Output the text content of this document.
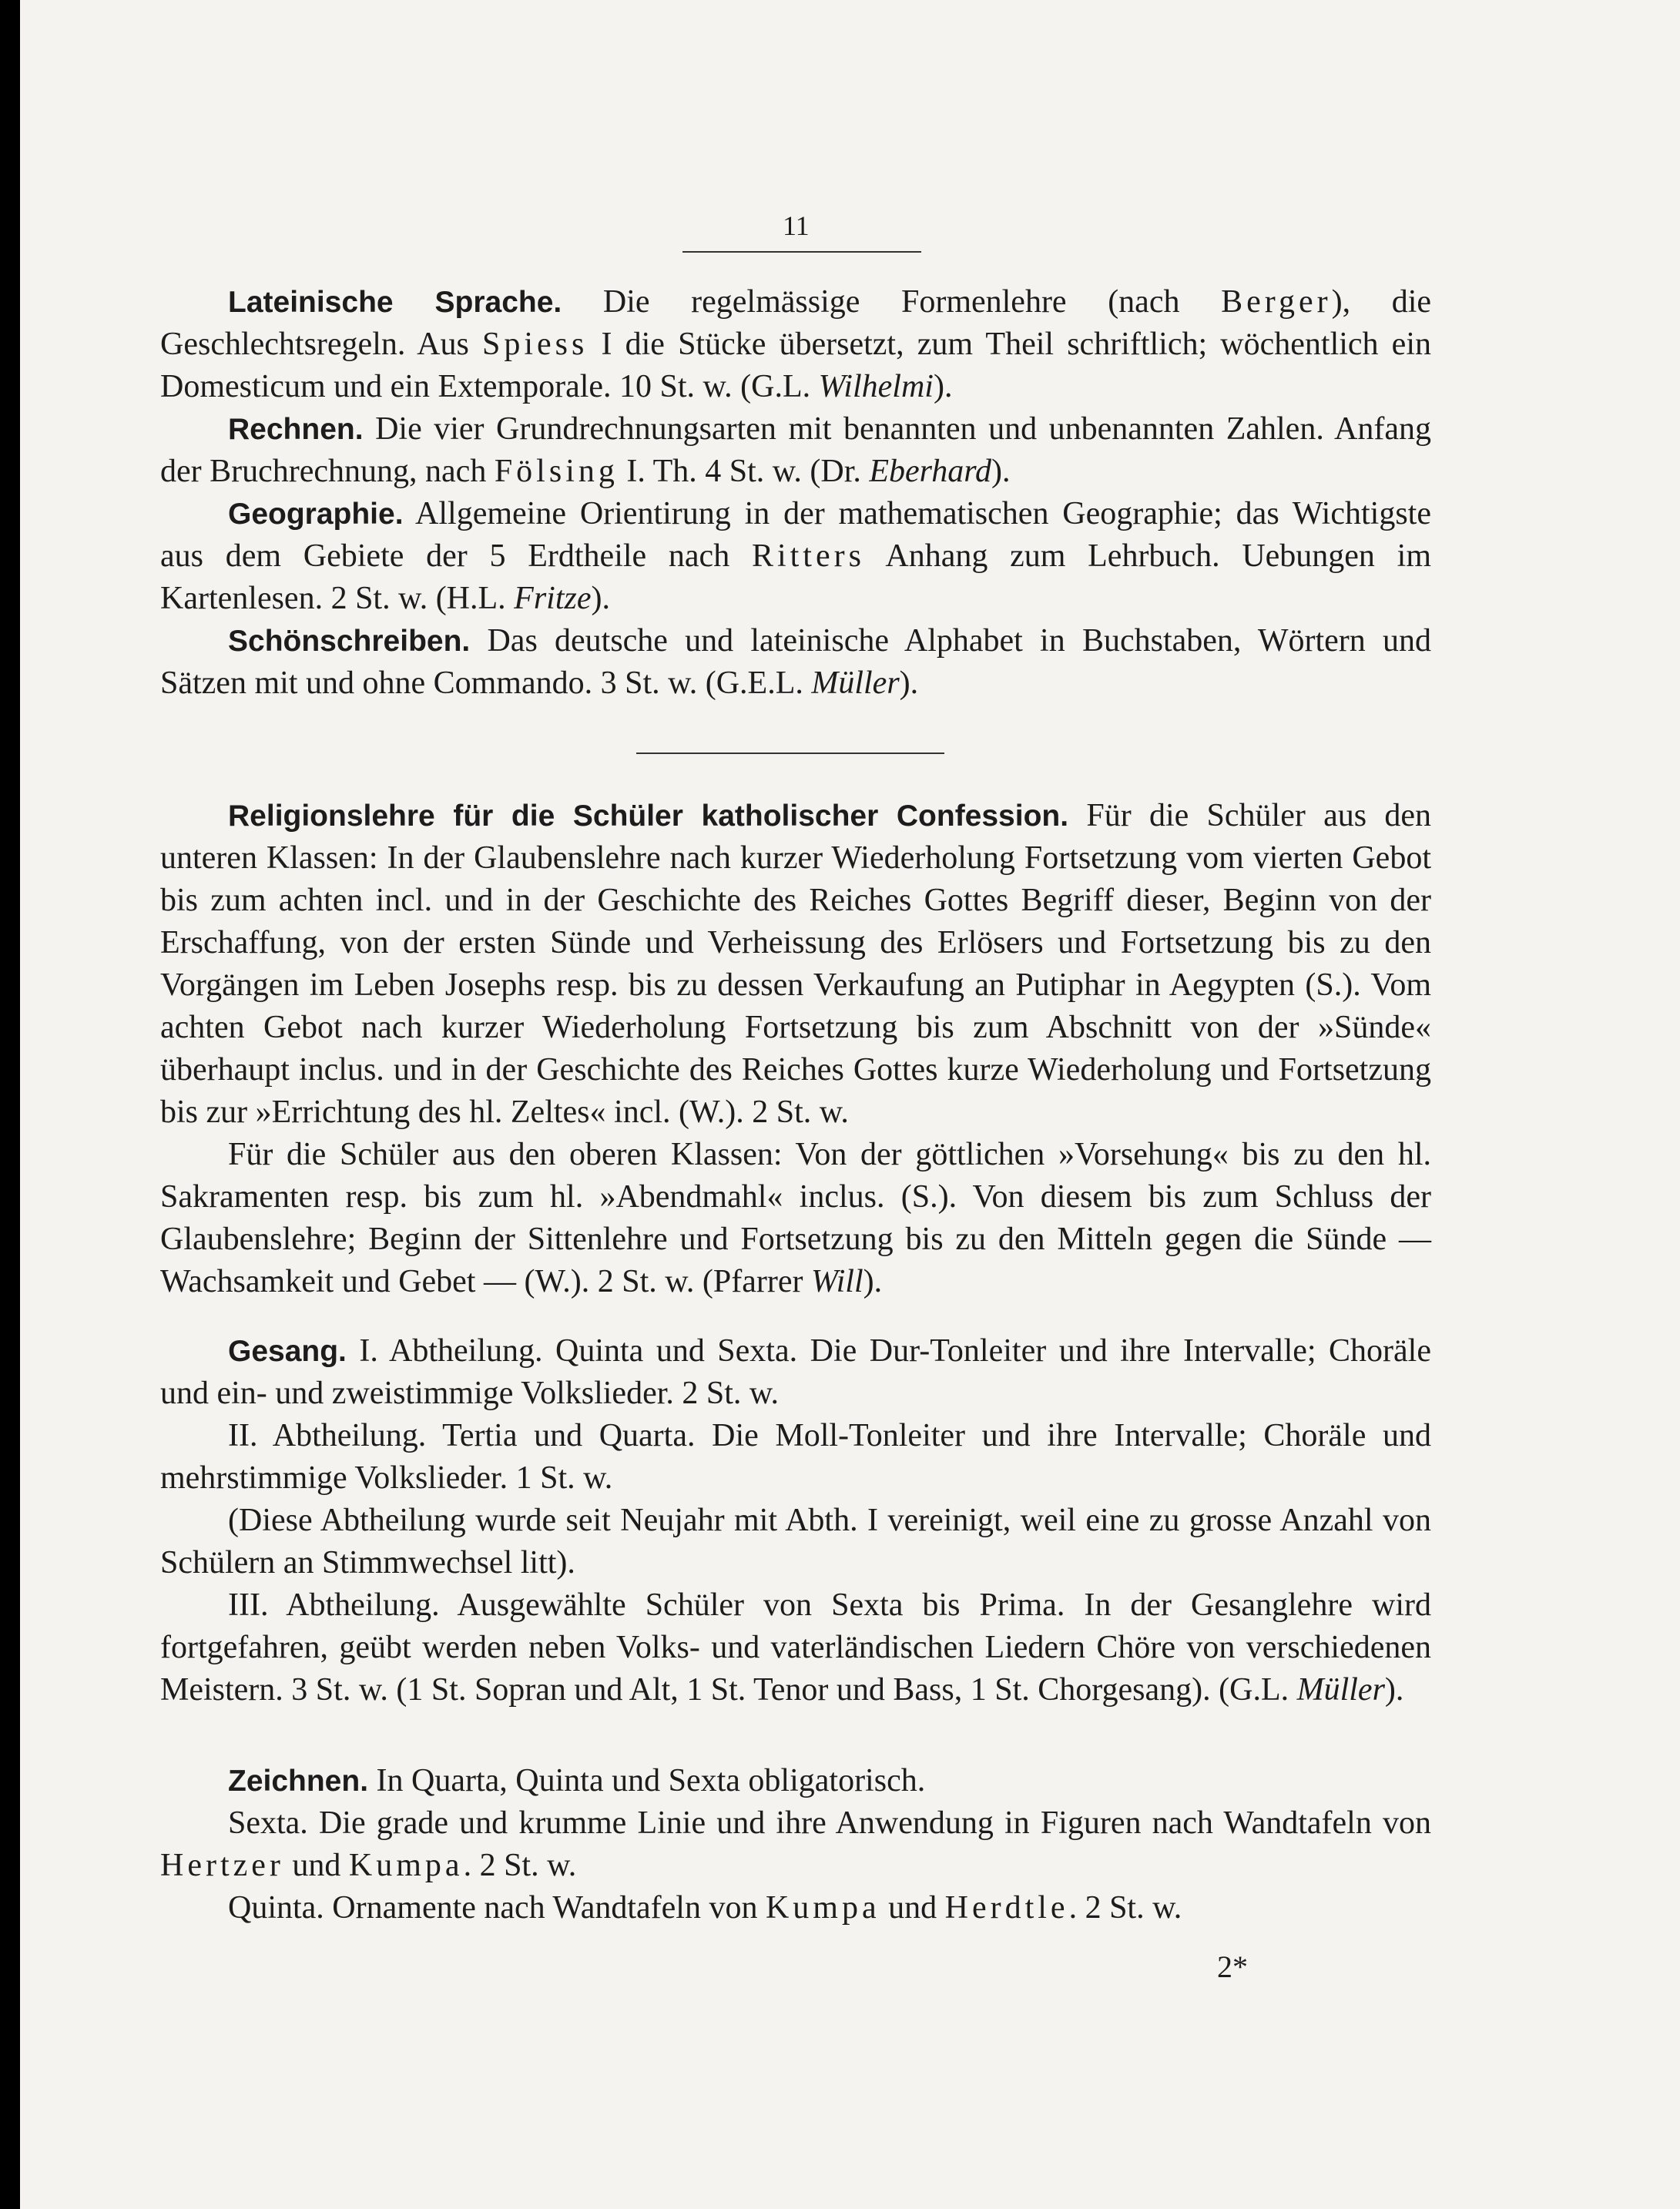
11

Lateinische Sprache. Die regelmässige Formenlehre (nach Berger), die Geschlechtsregeln. Aus Spiess I die Stücke übersetzt, zum Theil schriftlich; wöchentlich ein Domesticum und ein Extemporale. 10 St. w. (G.L. Wilhelmi).

Rechnen. Die vier Grundrechnungsarten mit benannten und unbenannten Zahlen. Anfang der Bruchrechnung, nach Fölsing I. Th. 4 St. w. (Dr. Eberhard).

Geographie. Allgemeine Orientirung in der mathematischen Geographie; das Wichtigste aus dem Gebiete der 5 Erdtheile nach Ritters Anhang zum Lehrbuch. Uebungen im Kartenlesen. 2 St. w. (H.L. Fritze).

Schönschreiben. Das deutsche und lateinische Alphabet in Buchstaben, Wörtern und Sätzen mit und ohne Commando. 3 St. w. (G.E.L. Müller).

Religionslehre für die Schüler katholischer Confession. Für die Schüler aus den unteren Klassen: In der Glaubenslehre nach kurzer Wiederholung Fortsetzung vom vierten Gebot bis zum achten incl. und in der Geschichte des Reiches Gottes Begriff dieser, Beginn von der Erschaffung, von der ersten Sünde und Verheissung des Erlösers und Fortsetzung bis zu den Vorgängen im Leben Josephs resp. bis zu dessen Verkaufung an Putiphar in Aegypten (S.). Vom achten Gebot nach kurzer Wiederholung Fortsetzung bis zum Abschnitt von der »Sünde« überhaupt inclus. und in der Geschichte des Reiches Gottes kurze Wiederholung und Fortsetzung bis zur »Errichtung des hl. Zeltes« incl. (W.). 2 St. w.

Für die Schüler aus den oberen Klassen: Von der göttlichen »Vorsehung« bis zu den hl. Sakramenten resp. bis zum hl. »Abendmahl« inclus. (S.). Von diesem bis zum Schluss der Glaubenslehre; Beginn der Sittenlehre und Fortsetzung bis zu den Mitteln gegen die Sünde — Wachsamkeit und Gebet — (W.). 2 St. w. (Pfarrer Will).

Gesang. I. Abtheilung. Quinta und Sexta. Die Dur-Tonleiter und ihre Intervalle; Choräle und ein- und zweistimmige Volkslieder. 2 St. w.

II. Abtheilung. Tertia und Quarta. Die Moll-Tonleiter und ihre Intervalle; Choräle und mehrstimmige Volkslieder. 1 St. w.

(Diese Abtheilung wurde seit Neujahr mit Abth. I vereinigt, weil eine zu grosse Anzahl von Schülern an Stimmwechsel litt).

III. Abtheilung. Ausgewählte Schüler von Sexta bis Prima. In der Gesanglehre wird fortgefahren, geübt werden neben Volks- und vaterländischen Liedern Chöre von verschiedenen Meistern. 3 St. w. (1 St. Sopran und Alt, 1 St. Tenor und Bass, 1 St. Chorgesang). (G.L. Müller).

Zeichnen. In Quarta, Quinta und Sexta obligatorisch.

Sexta. Die grade und krumme Linie und ihre Anwendung in Figuren nach Wandtafeln von Hertzer und Kumpa. 2 St. w.

Quinta. Ornamente nach Wandtafeln von Kumpa und Herdtle. 2 St. w.

2*
